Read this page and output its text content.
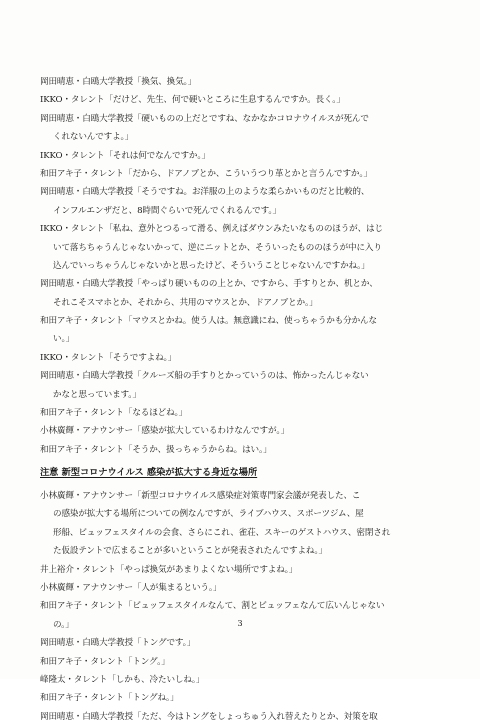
岡田晴恵・白鴎大学教授「換気、換気。」
IKKO・タレント「だけど、先生、何で硬いところに生息するんですか。長く。」
岡田晴恵・白鴎大学教授「硬いものの上だとですね、なかなかコロナウイルスが死んで
くれないんですよ。」
IKKO・タレント「それは何でなんですか。」
和田アキ子・タレント「だから、ドアノブとか、こういうつり革とかと言うんですか。」
岡田晴恵・白鴎大学教授「そうですね。お洋服の上のような柔らかいものだと比較的、
インフルエンザだと、8時間ぐらいで死んでくれるんです。」
IKKO・タレント「私ね、意外とつるって滑る、例えばダウンみたいなもののほうが、はじ
いて落ちちゃうんじゃないかって、逆にニットとか、そういったもののほうが中に入り
込んでいっちゃうんじゃないかと思ったけど、そういうことじゃないんですかね。」
岡田晴恵・白鴎大学教授「やっぱり硬いものの上とか、ですから、手すりとか、机とか、
それこそスマホとか、それから、共用のマウスとか、ドアノブとか。」
和田アキ子・タレント「マウスとかね。使う人は。無意識にね、使っちゃうかも分かんな
い。」
IKKO・タレント「そうですよね。」
岡田晴恵・白鴎大学教授「クルーズ船の手すりとかっていうのは、怖かったんじゃない
かなと思っています。」
和田アキ子・タレント「なるほどね。」
小林廣輝・アナウンサー「感染が拡大しているわけなんですが。」
和田アキ子・タレント「そうか、扱っちゃうからね。はい。」
小林廣輝・アナウンサー「新型コロナウイルス感染症対策専門家会議が発表した、こ
の感染が拡大する場所についての例なんですが、ライブハウス、スポーツジム、屋
形船、ビュッフェスタイルの会食、さらにこれ、雀荘、スキーのゲストハウス、密閉され
た仮設テントで広まることが多いということが発表されたんですよね。」
井上裕介・タレント「やっぱ換気があまりよくない場所ですよね。」
小林廣輝・アナウンサー「人が集まるという。」
和田アキ子・タレント「ビュッフェスタイルなんて、割とビュッフェなんて広いんじゃない
の。」
岡田晴恵・白鴎大学教授「トングです。」
和田アキ子・タレント「トング。」
峰隆太・タレント「しかも、冷たいしね。」
和田アキ子・タレント「トングね。」
岡田晴恵・白鴎大学教授「ただ、今はトングをしょっちゅう入れ替えたりとか、対策を取
注意 新型コロナウイルス 感染が拡大する身近な場所
3
